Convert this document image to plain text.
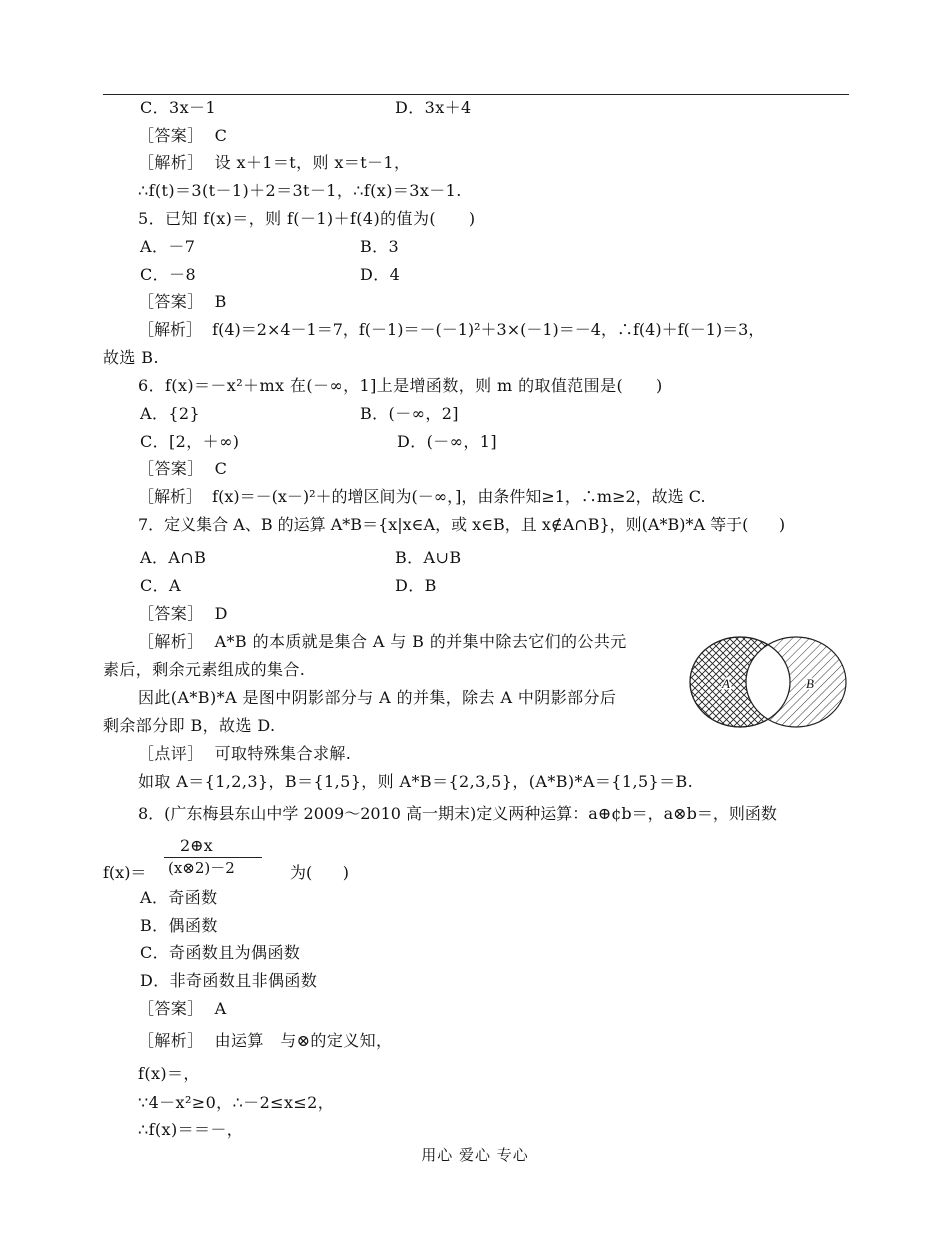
C．3x－1	D．3x＋4
［答案］  C
［解析］  设 x＋1＝t，则 x＝t－1，
∴f(t)＝3(t－1)＋2＝3t－1，∴f(x)＝3x－1.
5．已知 f(x)＝，则 f(－1)＋f(4)的值为(      )
A．－7	B．3
C．－8	D．4
［答案］  B
［解析］  f(4)＝2×4－1＝7，f(－1)＝－(－1)²＋3×(－1)＝－4，∴f(4)＋f(－1)＝3，
故选 B.
6．f(x)＝－x²＋mx 在(－∞，1]上是增函数，则 m 的取值范围是(      )
A．{2}	B．(－∞，2]
C．[2，＋∞)	D．(－∞，1]
［答案］  C
［解析］  f(x)＝－(x－)²＋的增区间为(－∞，]，由条件知≥1，∴m≥2，故选 C.
7．定义集合 A、B 的运算 A*B＝{x|x∈A，或 x∈B，且 x∉A∩B}，则(A*B)*A 等于(      )
A．A∩B	B．A∪B
C．A	D．B
［答案］  D
［解析］  A*B 的本质就是集合 A 与 B 的并集中除去它们的公共元
素后，剩余元素组成的集合.
因此(A*B)*A 是图中阴影部分与 A 的并集，除去 A 中阴影部分后
剩余部分即 B，故选 D.
［点评］  可取特殊集合求解.
如取 A＝{1,2,3}，B＝{1,5}，则 A*B＝{2,3,5}，(A*B)*A＝{1,5}＝B.
8．(广东梅县东山中学 2009～2010 高一期末)定义两种运算：a⊕¢b＝，a⊗b＝，则函数
f(x)＝
2⊕x
(x⊗2)－2	为(      )
A．奇函数
B．偶函数
C．奇函数且为偶函数
D．非奇函数且非偶函数
［答案］  A
［解析］  由运算   与⊗的定义知，
f(x)＝，
∵4－x²≥0，∴－2≤x≤2，
∴f(x)＝＝－，
A	B
用心 爱心 专心
